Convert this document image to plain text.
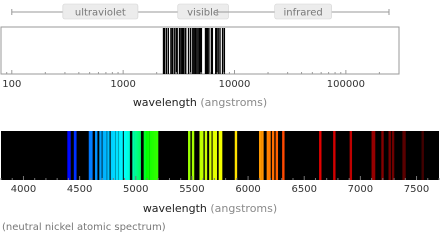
ultraviolet	visible	infrared
100	1000	10000	100000
wavelength (angstroms)
4000	4500	5000	5500	6000	6500	7000	7500
wavelength (angstroms)
(neutral nickel atomic spectrum)
